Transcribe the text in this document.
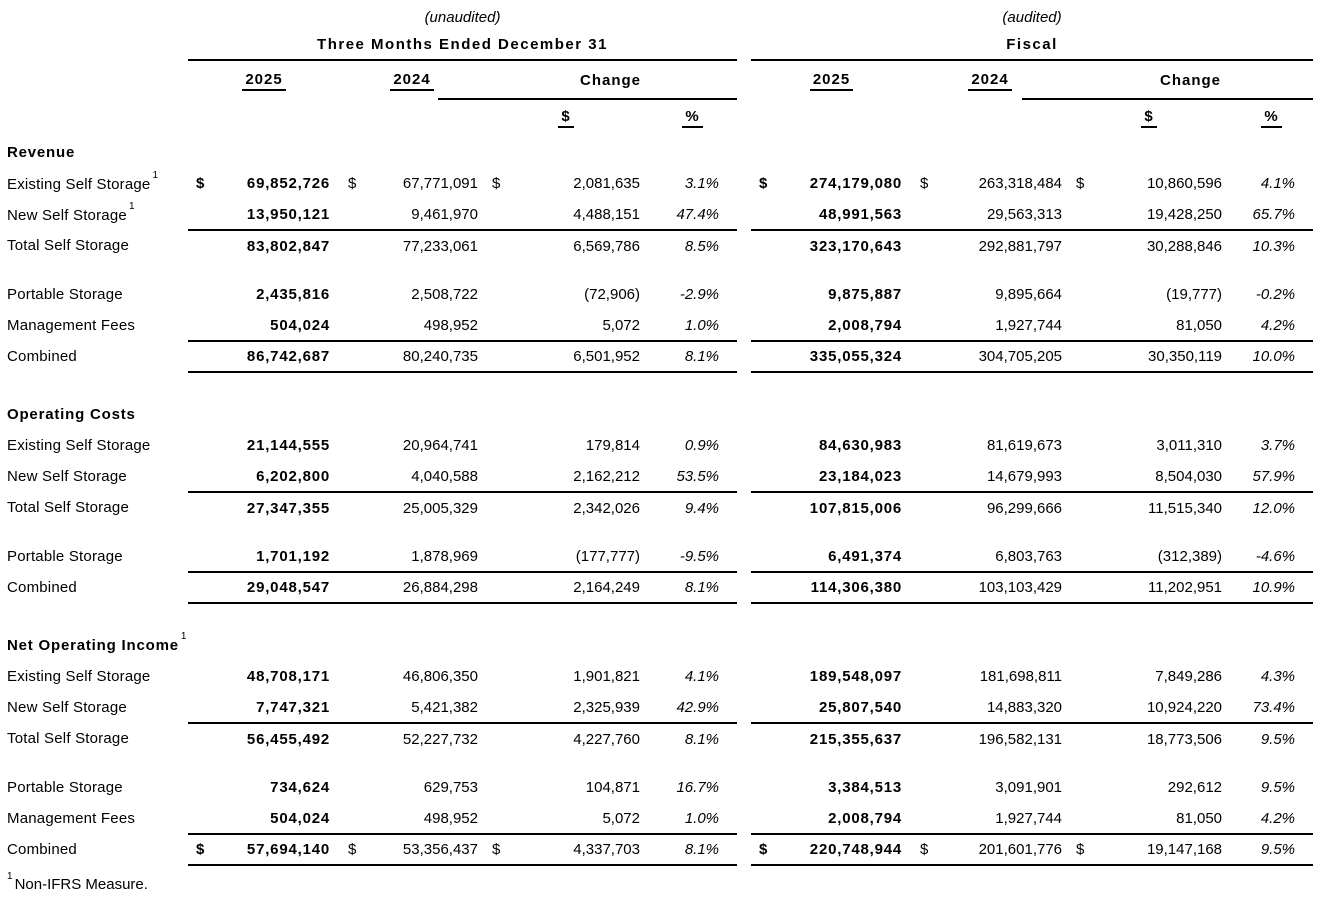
	(unaudited)					(audited)			
	Three Months Ended December 31					Fiscal			
	2025	2024	Change			2025	2024	Change	
			$	%				$	%
Revenue									
Existing Self Storage$^1$	$ 69,852,726	$ 67,771,091	$ 2,081,635	3.1%		$ 274,179,080	$ 263,318,484	$ 10,860,596	4.1%
New Self Storage$^1$	13,950,121	9,461,970	4,488,151	47.4%		48,991,563	29,563,313	19,428,250	65.7%
Total Self Storage	83,802,847	77,233,061	6,569,786	8.5%		323,170,643	292,881,797	30,288,846	10.3%

Portable Storage	2,435,816	2,508,722	(72,906)	-2.9%		9,875,887	9,895,664	(19,777)	-0.2%
Management Fees	504,024	498,952	5,072	1.0%		2,008,794	1,927,744	81,050	4.2%
Combined	86,742,687	80,240,735	6,501,952	8.1%		335,055,324	304,705,205	30,350,119	10.0%

Operating Costs									
Existing Self Storage	21,144,555	20,964,741	179,814	0.9%		84,630,983	81,619,673	3,011,310	3.7%
New Self Storage	6,202,800	4,040,588	2,162,212	53.5%		23,184,023	14,679,993	8,504,030	57.9%
Total Self Storage	27,347,355	25,005,329	2,342,026	9.4%		107,815,006	96,299,666	11,515,340	12.0%

Portable Storage	1,701,192	1,878,969	(177,777)	-9.5%		6,491,374	6,803,763	(312,389)	-4.6%
Combined	29,048,547	26,884,298	2,164,249	8.1%		114,306,380	103,103,429	11,202,951	10.9%

Net Operating Income$^1$
Existing Self Storage	48,708,171	46,806,350	1,901,821	4.1%		189,548,097	181,698,811	7,849,286	4.3%
New Self Storage	7,747,321	5,421,382	2,325,939	42.9%		25,807,540	14,883,320	10,924,220	73.4%
Total Self Storage	56,455,492	52,227,732	4,227,760	8.1%		215,355,637	196,582,131	18,773,506	9.5%

Portable Storage	734,624	629,753	104,871	16.7%		3,384,513	3,091,901	292,612	9.5%
Management Fees	504,024	498,952	5,072	1.0%		2,008,794	1,927,744	81,050	4.2%
Combined	$ 57,694,140	$ 53,356,437	$ 4,337,703	8.1%		$ 220,748,944	$ 201,601,776	$ 19,147,168	9.5%
$^1$ Non-IFRS Measure.									
